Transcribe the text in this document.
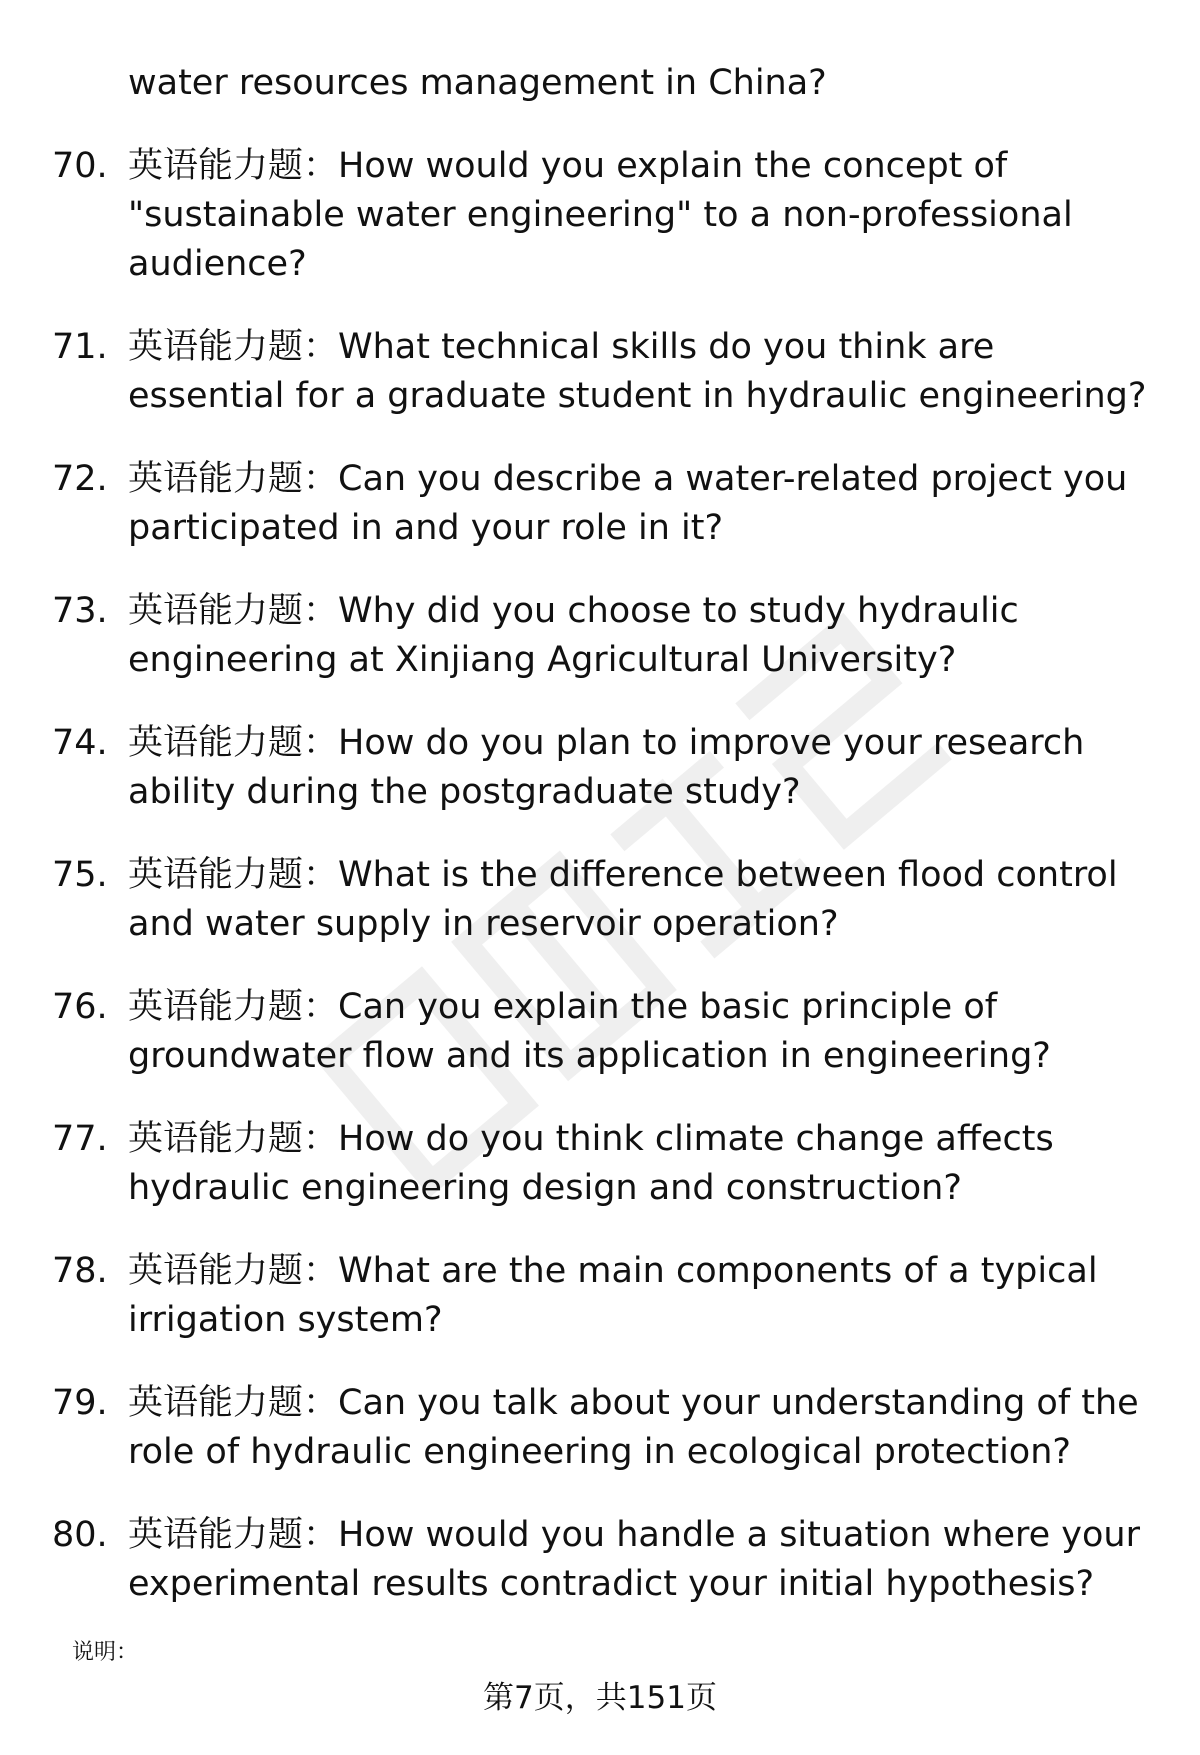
water resources management in China?

70. 英语能力题：How would you explain the concept of "sustainable water engineering" to a non-professional audience?
71. 英语能力题：What technical skills do you think are essential for a graduate student in hydraulic engineering?
72. 英语能力题：Can you describe a water-related project you participated in and your role in it?
73. 英语能力题：Why did you choose to study hydraulic engineering at Xinjiang Agricultural University?
74. 英语能力题：How do you plan to improve your research ability during the postgraduate study?
75. 英语能力题：What is the difference between flood control and water supply in reservoir operation?
76. 英语能力题：Can you explain the basic principle of groundwater flow and its application in engineering?
77. 英语能力题：How do you think climate change affects hydraulic engineering design and construction?
78. 英语能力题：What are the main components of a typical irrigation system?
79. 英语能力题：Can you talk about your understanding of the role of hydraulic engineering in ecological protection?
80. 英语能力题：How would you handle a situation where your experimental results contradict your initial hypothesis?
说明：
第7页，共151页
